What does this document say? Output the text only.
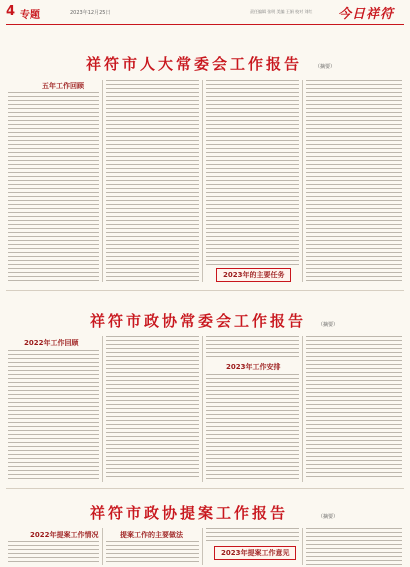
4 专题	2023年12月25日	责任编辑 张明 美编 王娟 校对 刘红 今日祥符
祥符市人大常委会工作报告	（摘要）
五年工作回顾
2023年的主要任务
祥符市政协常委会工作报告 （摘要）
2022年工作回顾
2023年工作安排
祥符市政协提案工作报告	（摘要）
2022年提案工作情况	提案工作的主要做法
2023年提案工作意见
